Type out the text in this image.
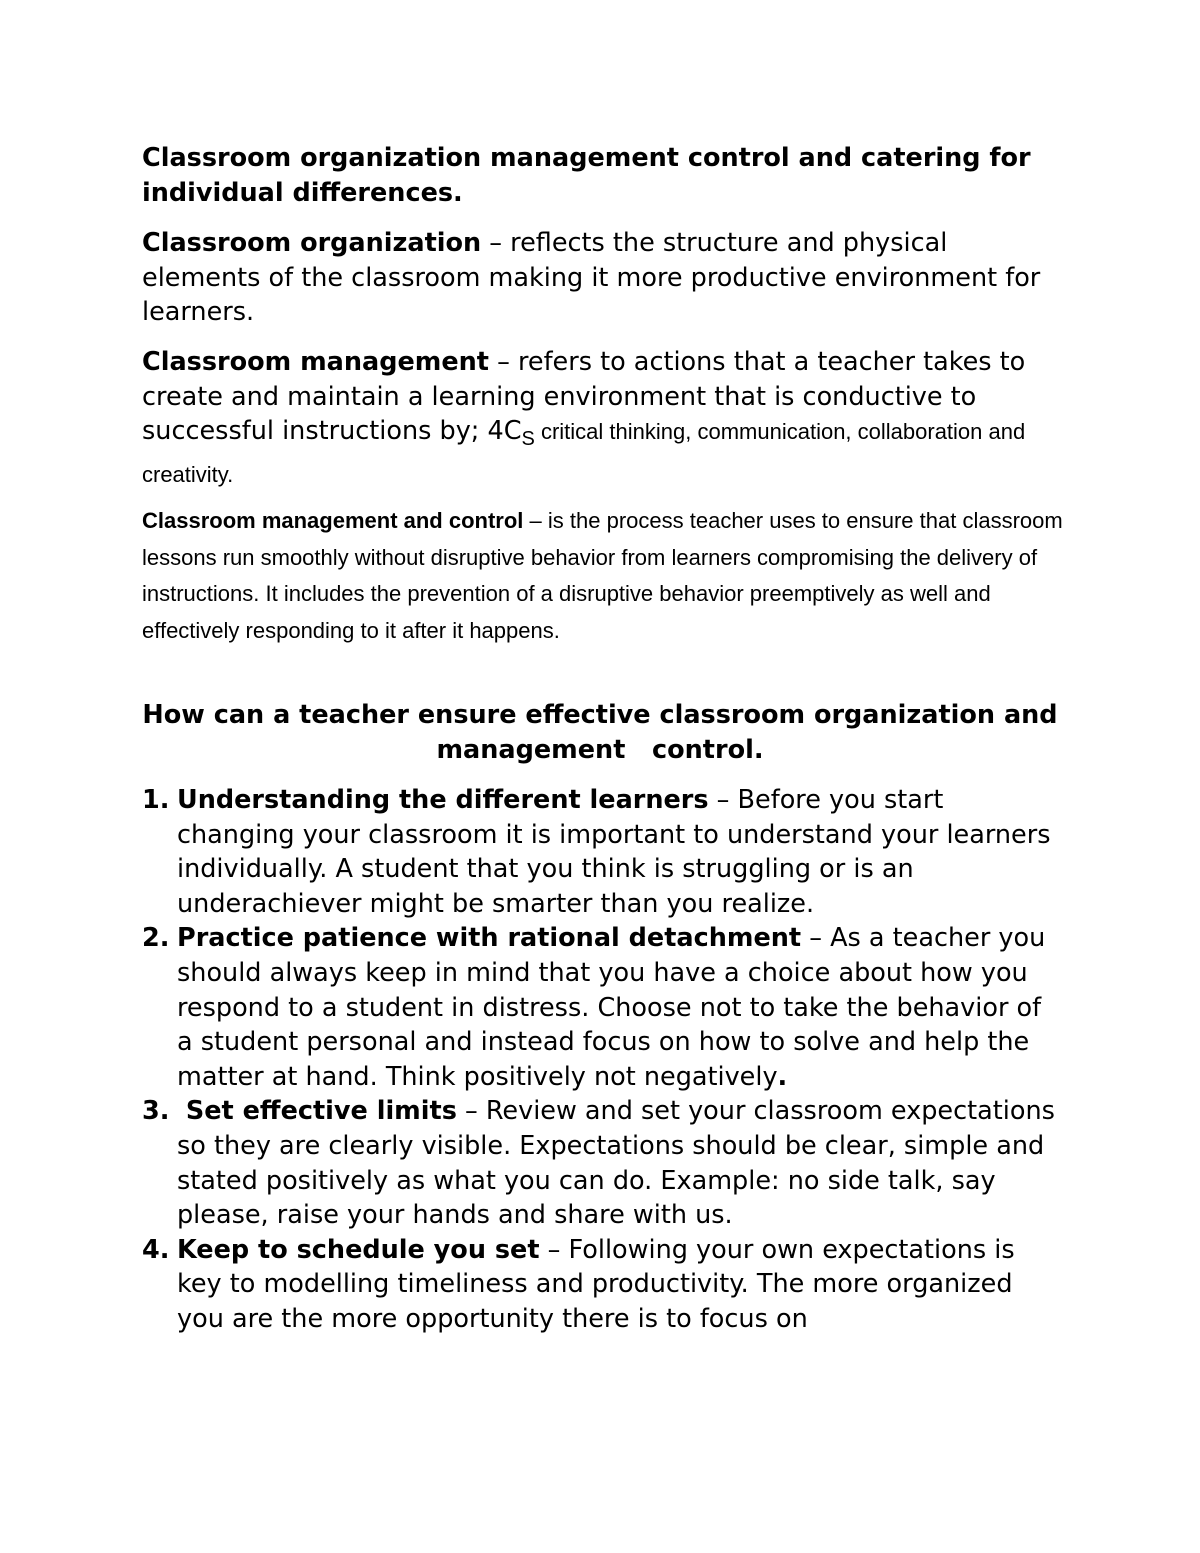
Classroom organization management control and catering for individual differences.

Classroom organization – reflects the structure and physical elements of the classroom making it more productive environment for learners.

Classroom management – refers to actions that a teacher takes to create and maintain a learning environment that is conductive to successful instructions by; $4C_S$ critical thinking, communication, collaboration and creativity.

Classroom management and control – is the process teacher uses to ensure that classroom lessons run smoothly without disruptive behavior from learners compromising the delivery of instructions. It includes the prevention of a disruptive behavior preemptively as well and effectively responding to it after it happens.

How can a teacher ensure effective classroom organization and management   control.

1. Understanding the different learners – Before you start changing your classroom it is important to understand your learners individually. A student that you think is struggling or is an underachiever might be smarter than you realize.
2. Practice patience with rational detachment – As a teacher you should always keep in mind that you have a choice about how you respond to a student in distress. Choose not to take the behavior of a student personal and instead focus on how to solve and help the matter at hand. Think positively not negatively.
3. Set effective limits – Review and set your classroom expectations so they are clearly visible. Expectations should be clear, simple and stated positively as what you can do. Example: no side talk, say please, raise your hands and share with us.
4. Keep to schedule you set – Following your own expectations is key to modelling timeliness and productivity. The more organized you are the more opportunity there is to focus on
